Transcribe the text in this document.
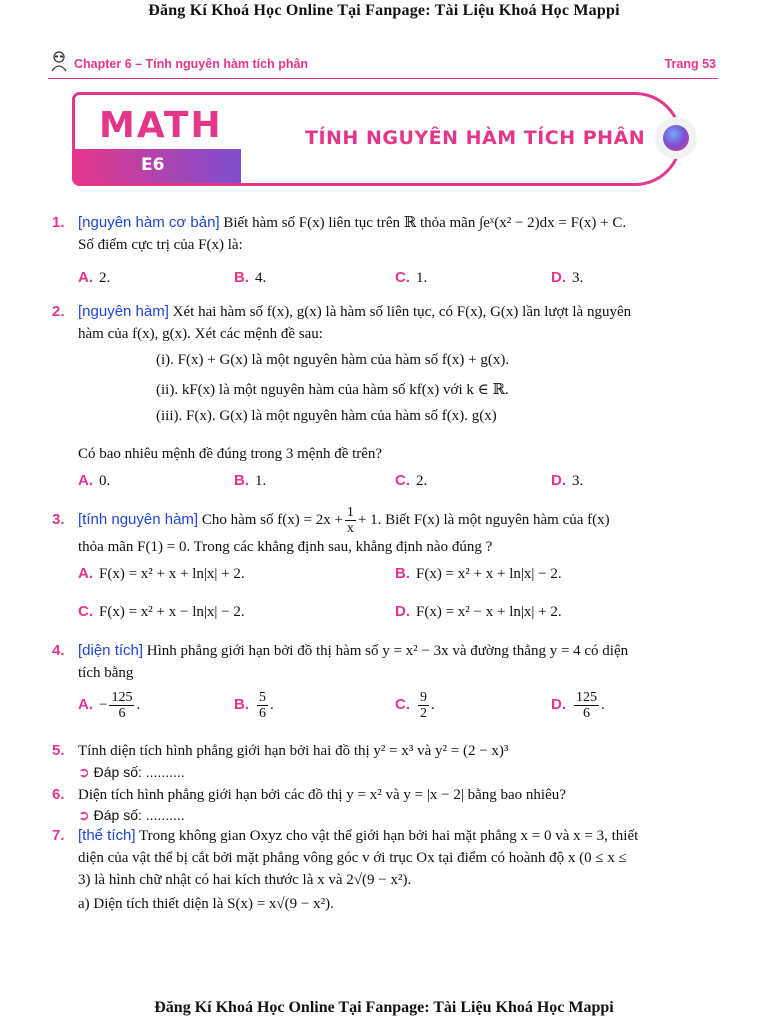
Đăng Kí Khoá Học Online Tại Fanpage: Tài Liệu Khoá Học Mappi
Chapter 6 – Tính nguyên hàm tích phân	Trang 53
MATH
E6
TÍNH NGUYÊN HÀM TÍCH PHÂN
1. [nguyên hàm cơ bản] Biết hàm số F(x) liên tục trên ℝ thỏa mãn ∫eˣ(x² − 2)dx = F(x) + C.
Số điểm cực trị của F(x) là:
A. 2.	B. 4.	C. 1.	D. 3.
2. [nguyên hàm] Xét hai hàm số f(x), g(x) là hàm số liên tục, có F(x), G(x) lần lượt là nguyên
hàm của f(x), g(x). Xét các mệnh đề sau:
(i). F(x) + G(x) là một nguyên hàm của hàm số f(x) + g(x).
(ii). kF(x) là một nguyên hàm của hàm số kf(x) với k ∈ ℝ.
(iii). F(x). G(x) là một nguyên hàm của hàm số f(x). g(x)
Có bao nhiêu mệnh đề đúng trong 3 mệnh đề trên?
A. 0.	B. 1.	C. 2.	D. 3.
3. [tính nguyên hàm] Cho hàm số $f(x) = 2x + \frac{1}{x} + 1$. Biết F(x) là một nguyên hàm của f(x)
thỏa mãn F(1) = 0. Trong các khẳng định sau, khẳng định nào đúng ?
A. F(x) = x² + x + ln|x| + 2.	B. F(x) = x² + x + ln|x| − 2.
C. F(x) = x² + x − ln|x| − 2.	D. F(x) = x² − x + ln|x| + 2.
4. [diện tích] Hình phẳng giới hạn bởi đồ thị hàm số y = x² − 3x và đường thẳng y = 4 có diện
tích bằng
A. − $\frac{125}{6}$ .	B. $\frac{5}{6}$ .	C. $\frac{9}{2}$ .	D. $\frac{125}{6}$ .
5. Tính diện tích hình phẳng giới hạn bởi hai đồ thị y² = x³ và y² = (2 − x)³
➲ Đáp số: ..........
6. Diện tích hình phẳng giới hạn bởi các đồ thị y = x² và y = |x − 2| bằng bao nhiêu?
➲ Đáp số: ..........
7. [thể tích] Trong không gian Oxyz cho vật thể giới hạn bởi hai mặt phẳng x = 0 và x = 3, thiết
diện của vật thể bị cắt bởi mặt phẳng vông góc v ới trục Ox tại điểm có hoành độ x (0 ≤ x ≤
3) là hình chữ nhật có hai kích thước là x và 2√(9 − x²).
a) Diện tích thiết diện là S(x) = x√(9 − x²).
Đăng Kí Khoá Học Online Tại Fanpage: Tài Liệu Khoá Học Mappi
